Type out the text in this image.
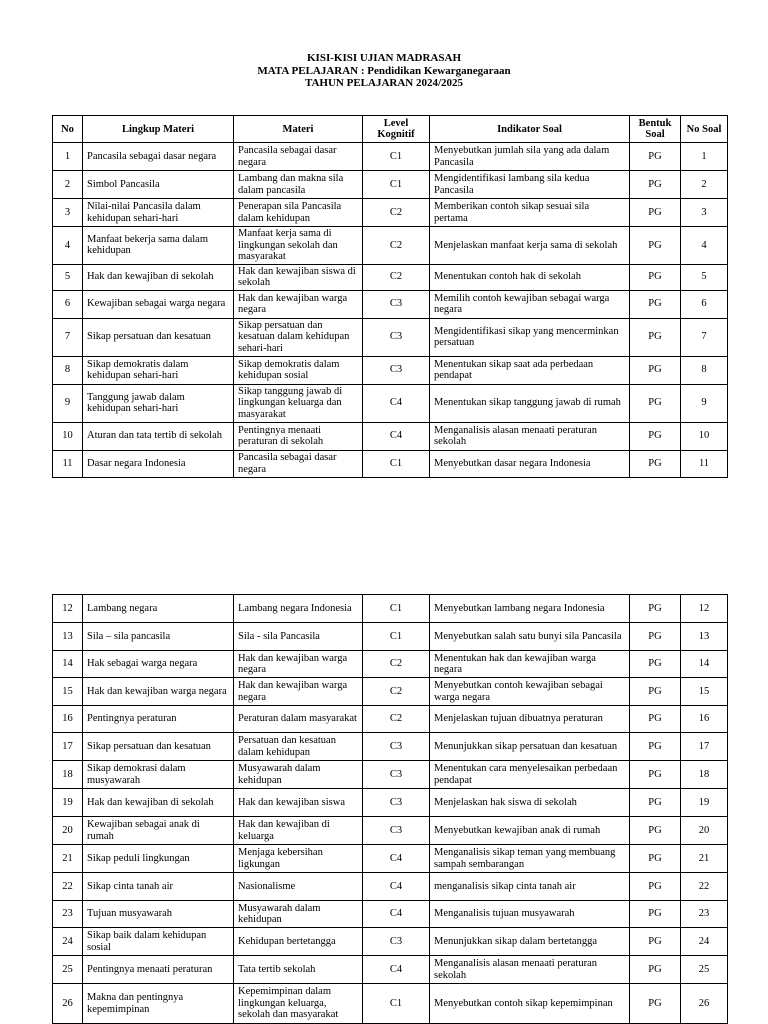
KISI-KISI UJIAN MADRASAH
MATA PELAJARAN : Pendidikan Kewarganegaraan
TAHUN PELAJARAN 2024/2025
No	Lingkup Materi	Materi	Level Kognitif	Indikator Soal	Bentuk Soal	No Soal
1	Pancasila sebagai dasar negara	Pancasila sebagai dasar negara	C1	Menyebutkan jumlah sila yang ada dalam Pancasila	PG	1
2	Simbol Pancasila	Lambang dan makna sila dalam pancasila	C1	Mengidentifikasi lambang sila kedua Pancasila	PG	2
3	Nilai-nilai Pancasila dalam kehidupan sehari-hari	Penerapan sila Pancasila dalam kehidupan	C2	Memberikan contoh sikap sesuai sila pertama	PG	3
4	Manfaat bekerja sama dalam kehidupan	Manfaat kerja sama di lingkungan sekolah dan masyarakat	C2	Menjelaskan manfaat kerja sama di sekolah	PG	4
5	Hak dan kewajiban di sekolah	Hak dan kewajiban siswa di sekolah	C2	Menentukan contoh hak di sekolah	PG	5
6	Kewajiban sebagai warga negara	Hak dan kewajiban warga negara	C3	Memilih contoh kewajiban sebagai warga negara	PG	6
7	Sikap persatuan dan kesatuan	Sikap persatuan dan kesatuan dalam kehidupan sehari-hari	C3	Mengidentifikasi sikap yang mencerminkan persatuan	PG	7
8	Sikap demokratis dalam kehidupan sehari-hari	Sikap demokratis dalam kehidupan sosial	C3	Menentukan sikap saat ada perbedaan pendapat	PG	8
9	Tanggung jawab dalam kehidupan sehari-hari	Sikap tanggung jawab di lingkungan keluarga dan masyarakat	C4	Menentukan sikap tanggung jawab di rumah	PG	9
10	Aturan dan tata tertib di sekolah	Pentingnya menaati peraturan di sekolah	C4	Menganalisis alasan menaati peraturan sekolah	PG	10
11	Dasar negara Indonesia	Pancasila sebagai dasar negara	C1	Menyebutkan dasar negara Indonesia	PG	11
12	Lambang negara	Lambang negara Indonesia	C1	Menyebutkan lambang negara Indonesia	PG	12
13	Sila – sila pancasila	Sila - sila Pancasila	C1	Menyebutkan salah satu bunyi sila Pancasila	PG	13
14	Hak sebagai warga negara	Hak dan kewajiban warga negara	C2	Menentukan hak dan kewajiban warga negara	PG	14
15	Hak dan kewajiban warga negara	Hak dan kewajiban warga negara	C2	Menyebutkan contoh kewajiban sebagai warga negara	PG	15
16	Pentingnya peraturan	Peraturan dalam masyarakat	C2	Menjelaskan tujuan dibuatnya peraturan	PG	16
17	Sikap persatuan dan kesatuan	Persatuan dan kesatuan dalam kehidupan	C3	Menunjukkan sikap persatuan dan kesatuan	PG	17
18	Sikap demokrasi dalam musyawarah	Musyawarah dalam kehidupan	C3	Menentukan cara menyelesaikan perbedaan pendapat	PG	18
19	Hak dan kewajiban di sekolah	Hak dan kewajiban siswa	C3	Menjelaskan hak siswa di sekolah	PG	19
20	Kewajiban sebagai anak di rumah	Hak dan kewajiban di keluarga	C3	Menyebutkan kewajiban anak di rumah	PG	20
21	Sikap peduli lingkungan	Menjaga kebersihan ligkungan	C4	Menganalisis sikap teman yang membuang sampah sembarangan	PG	21
22	Sikap cinta tanah air	Nasionalisme	C4	menganalisis sikap cinta tanah air	PG	22
23	Tujuan musyawarah	Musyawarah dalam kehidupan	C4	Menganalisis tujuan musyawarah	PG	23
24	Sikap baik dalam kehidupan sosial	Kehidupan bertetangga	C3	Menunjukkan sikap dalam bertetangga	PG	24
25	Pentingnya menaati peraturan	Tata tertib sekolah	C4	Menganalisis alasan menaati peraturan sekolah	PG	25
26	Makna dan pentingnya kepemimpinan	Kepemimpinan dalam lingkungan keluarga, sekolah dan masyarakat	C1	Menyebutkan contoh sikap kepemimpinan	PG	26
